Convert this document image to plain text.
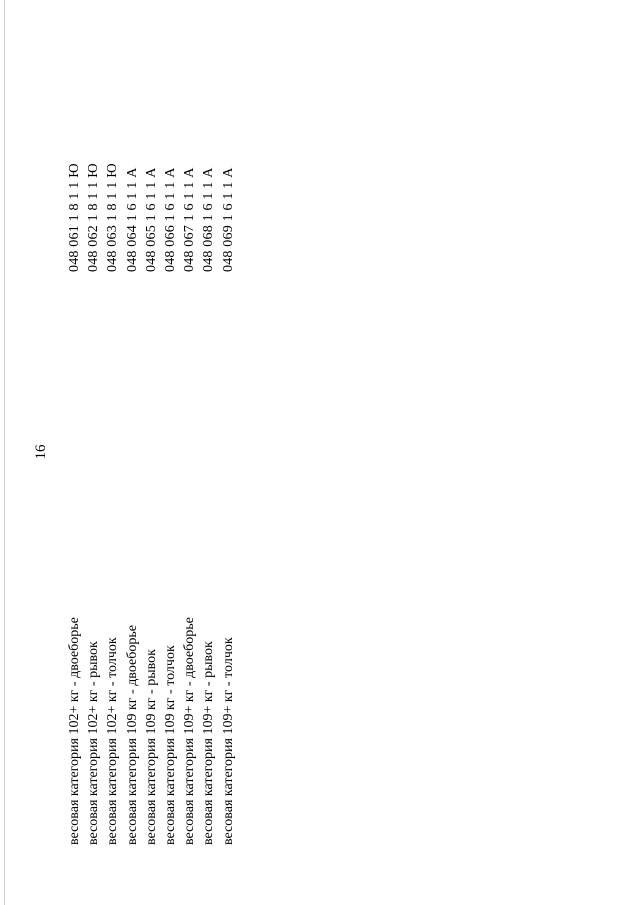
16
весовая категория 102+ кг - двоеборье
048 061 1 8 1 1 Ю
весовая категория 102+ кг - рывок
048 062 1 8 1 1 Ю
весовая категория 102+ кг - толчок
048 063 1 8 1 1 Ю
весовая категория 109 кг - двоеборье
048 064 1 6 1 1 А
весовая категория 109 кг - рывок
048 065 1 6 1 1 А
весовая категория 109 кг - толчок
048 066 1 6 1 1 А
весовая категория 109+ кг - двоеборье
048 067 1 6 1 1 А
весовая категория 109+ кг - рывок
048 068 1 6 1 1 А
весовая категория 109+ кг - толчок
048 069 1 6 1 1 А
